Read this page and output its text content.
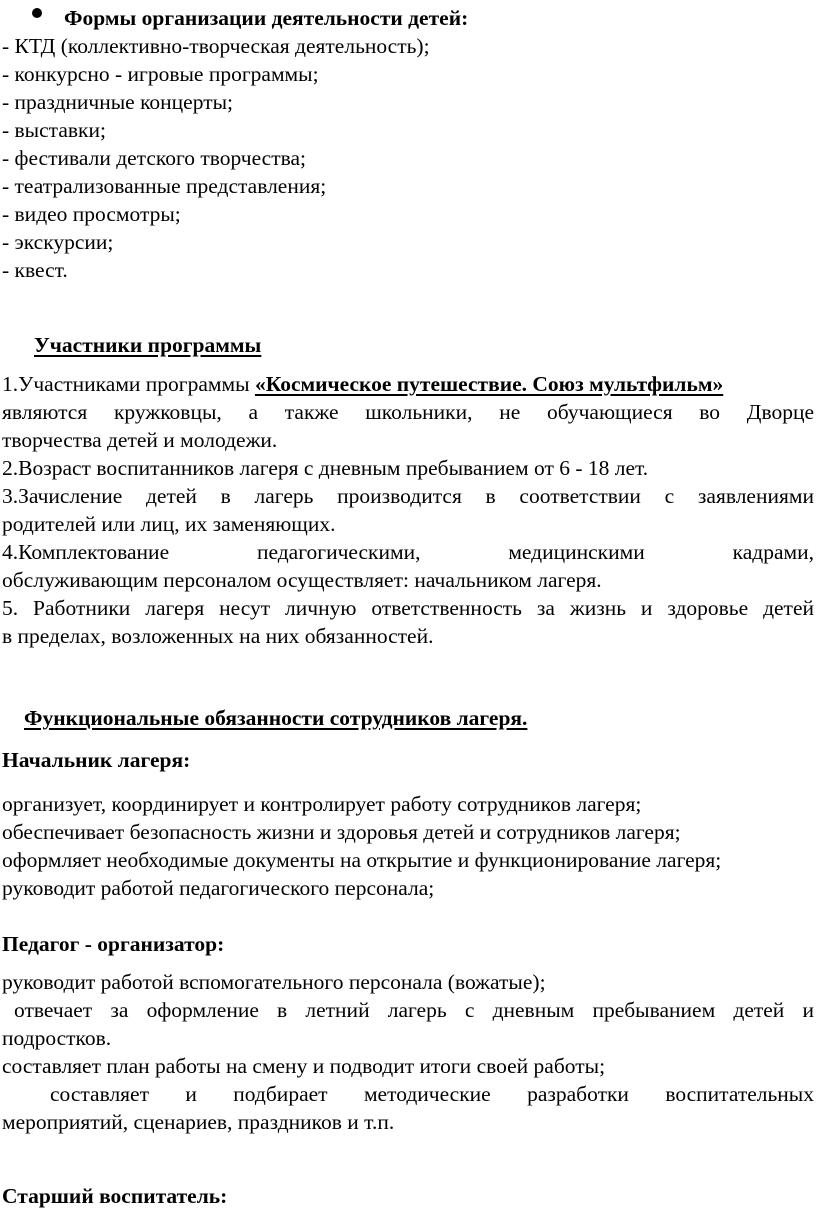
Формы организации деятельности детей:
- КТД (коллективно-творческая деятельность);
- конкурсно - игровые программы;
- праздничные концерты;
- выставки;
- фестивали детского творчества;
- театрализованные представления;
- видео просмотры;
- экскурсии;
- квест.
Участники программы
1.Участниками программы «Космическое путешествие. Союз мультфильм»
являются кружковцы, а также школьники, не обучающиеся во Дворце
творчества детей и молодежи.
2.Возраст воспитанников лагеря с дневным пребыванием от 6 - 18 лет.
3.Зачисление детей в лагерь производится в соответствии с заявлениями
родителей или лиц, их заменяющих.
4.Комплектование педагогическими, медицинскими кадрами,
обслуживающим персоналом осуществляет: начальником лагеря.
5. Работники лагеря несут личную ответственность за жизнь и здоровье детей
в пределах, возложенных на них обязанностей.
Функциональные обязанности сотрудников лагеря.
Начальник лагеря:
организует, координирует и контролирует работу сотрудников лагеря;
обеспечивает безопасность жизни и здоровья детей и сотрудников лагеря;
оформляет необходимые документы на открытие и функционирование лагеря;
руководит работой педагогического персонала;
Педагог - организатор:
руководит работой вспомогательного персонала (вожатые);
отвечает за оформление в летний лагерь с дневным пребыванием детей и
подростков.
составляет план работы на смену и подводит итоги своей работы;
составляет и подбирает методические разработки воспитательных
мероприятий, сценариев, праздников и т.п.
Старший воспитатель:
